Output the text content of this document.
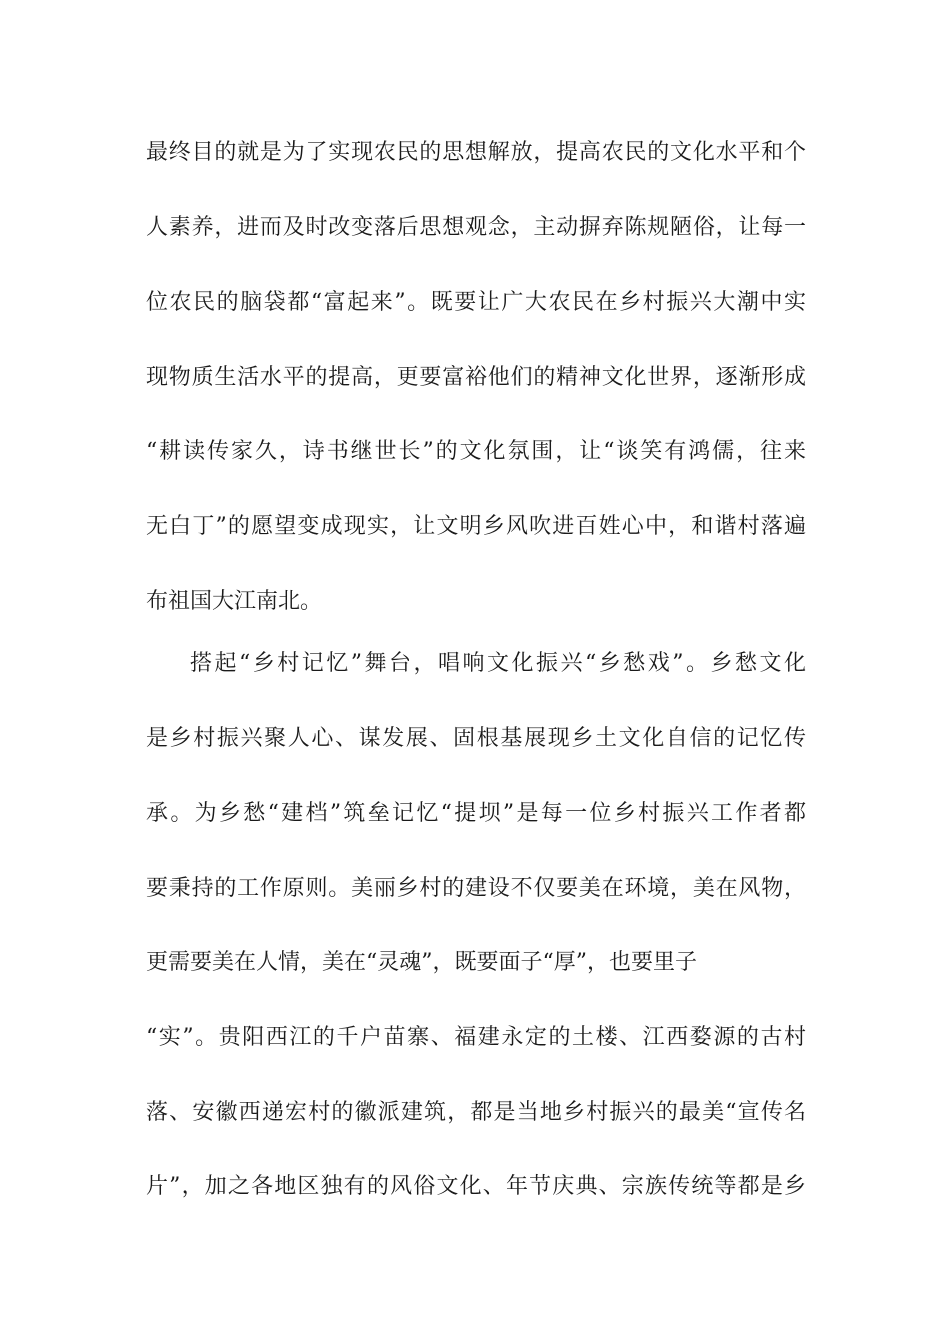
最终目的就是为了实现农民的思想解放，提高农民的文化水平和个
人素养，进而及时改变落后思想观念，主动摒弃陈规陋俗，让每一
位农民的脑袋都“富起来”。既要让广大农民在乡村振兴大潮中实
现物质生活水平的提高，更要富裕他们的精神文化世界，逐渐形成
“耕读传家久，诗书继世长”的文化氛围，让“谈笑有鸿儒，往来
无白丁”的愿望变成现实，让文明乡风吹进百姓心中，和谐村落遍
布祖国大江南北。
搭起“乡村记忆”舞台，唱响文化振兴“乡愁戏”。乡愁文化
是乡村振兴聚人心、谋发展、固根基展现乡土文化自信的记忆传
承。为乡愁“建档”筑垒记忆“提坝”是每一位乡村振兴工作者都
要秉持的工作原则。美丽乡村的建设不仅要美在环境，美在风物，
更需要美在人情，美在“灵魂”，既要面子“厚”，也要里子
“实”。贵阳西江的千户苗寨、福建永定的土楼、江西婺源的古村
落、安徽西递宏村的徽派建筑，都是当地乡村振兴的最美“宣传名
片”，加之各地区独有的风俗文化、年节庆典、宗族传统等都是乡
